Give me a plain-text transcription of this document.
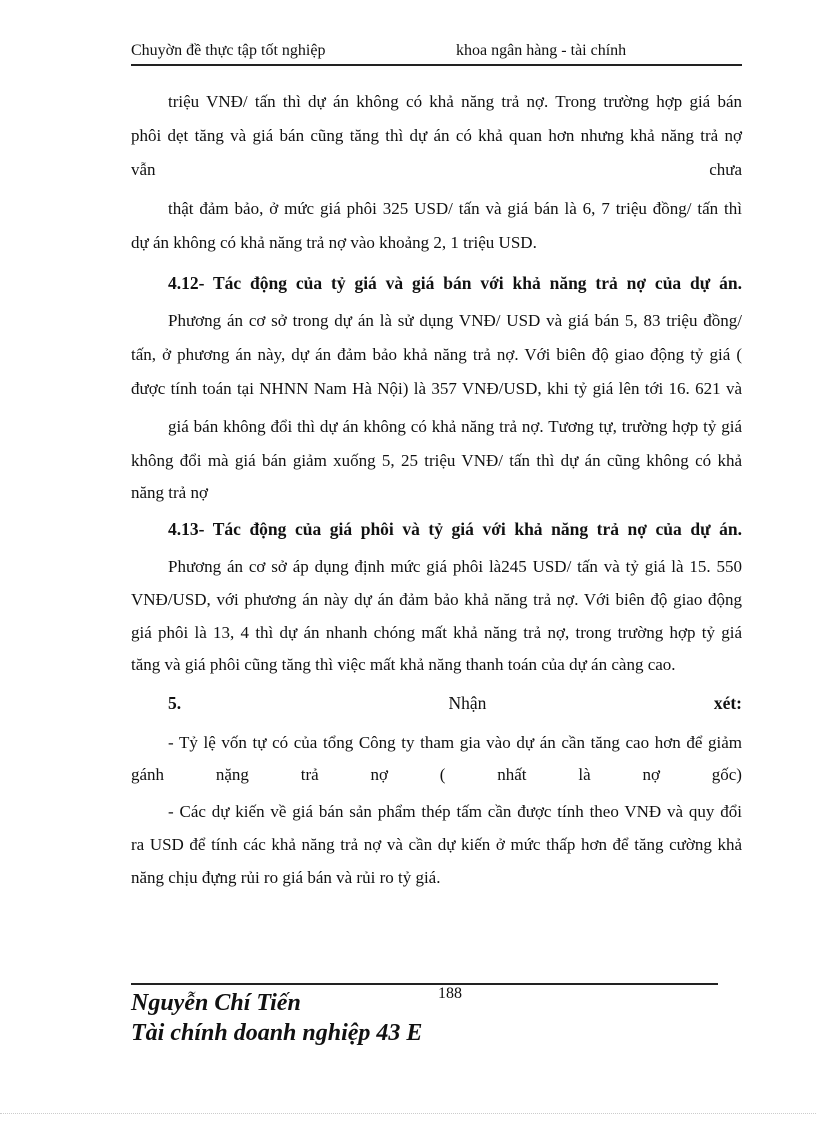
Chuyờn đề thực tập tốt nghiệp	khoa ngân hàng - tài chính
triệu VNĐ/ tấn thì dự án không có khả năng trả nợ. Trong trường hợp giá bán
phôi dẹt tăng và giá bán cũng tăng thì dự án có khả quan hơn nhưng khả năng trả nợ
vẫn	chưa
thật đảm bảo, ở mức giá phôi 325 USD/ tấn và giá bán là 6, 7 triệu đồng/ tấn thì
dự án không có khả năng trả nợ vào khoảng 2, 1 triệu USD.
4.12- Tác động của tỷ giá và giá bán với khả năng trả nợ của dự án.
Phương án cơ sở trong dự án là sử dụng VNĐ/ USD và giá bán 5, 83 triệu đồng/
tấn, ở phương án này, dự án đảm bảo khả năng trả nợ. Với biên độ giao động tỷ giá (
được tính toán tại NHNN Nam Hà Nội) là 357 VNĐ/USD, khi tỷ giá lên tới 16. 621 và
giá bán không đổi thì dự án không có khả năng trả nợ. Tương tự, trường hợp tỷ giá
không đổi mà giá bán giảm xuống 5, 25 triệu VNĐ/ tấn thì dự án cũng không có khả
năng trả nợ
4.13- Tác động của giá phôi và tỷ giá với khả năng trả nợ của dự án.
Phương án cơ sở áp dụng định mức giá phôi là245 USD/ tấn và tỷ giá là 15. 550
VNĐ/USD, với phương án này dự án đảm bảo khả năng trả nợ. Với biên độ giao động
giá phôi là 13, 4 thì dự án nhanh chóng mất khả năng trả nợ, trong trường hợp tỷ giá
tăng và giá phôi cũng tăng thì việc mất khả năng thanh toán của dự án càng cao.
5.	Nhận	xét:
- Tỷ lệ vốn tự có của tổng Công ty tham gia vào dự án cần tăng cao hơn để giảm
gánh	nặng	trả	nợ	(	nhất	là	nợ	gốc)
- Các dự kiến về giá bán sản phẩm thép tấm cần được tính theo VNĐ và quy đổi
ra USD để tính các khả năng trả nợ và cần dự kiến ở mức thấp hơn để tăng cường khả
năng chịu đựng rủi ro giá bán và rủi ro tỷ giá.
188
Nguyễn Chí Tiến
Tài chính doanh nghiệp 43 E
